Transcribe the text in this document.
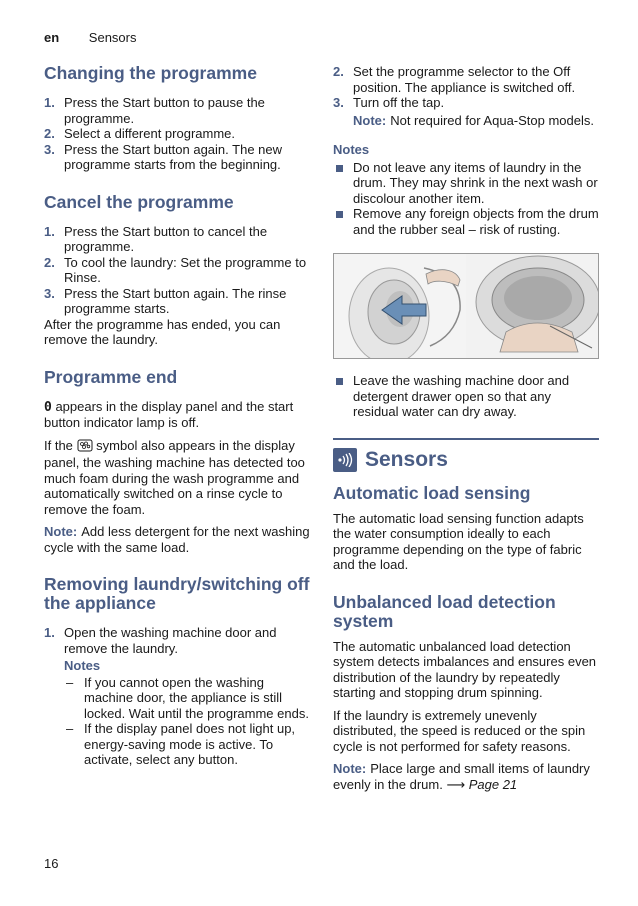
en Sensors
Changing the programme
1. Press the Start button to pause the programme.
2. Select a different programme.
3. Press the Start button again. The new programme starts from the beginning.
Cancel the programme
1. Press the Start button to cancel the programme.
2. To cool the laundry: Set the programme to Rinse.
3. Press the Start button again. The rinse programme starts.

After the programme has ended, you can remove the laundry.

Programme end

0 appears in the display panel and the start button indicator lamp is off.

If the symbol also appears in the display panel, the washing machine has detected too much foam during the wash programme and automatically switched on a rinse cycle to remove the foam.

Note: Add less detergent for the next washing cycle with the same load.

Removing laundry/switching off the appliance
1. Open the washing machine door and remove the laundry.
Notes
– If you cannot open the washing machine door, the appliance is still locked. Wait until the programme ends.
– If the display panel does not light up, energy-saving mode is active. To activate, select any button.
2. Set the programme selector to the Off position. The appliance is switched off.
3. Turn off the tap.
Note: Not required for Aqua-Stop models.
Notes
Do not leave any items of laundry in the drum. They may shrink in the next wash or discolour another item.
Remove any foreign objects from the drum and the rubber seal – risk of rusting.
Leave the washing machine door and detergent drawer open so that any residual water can dry away.
Sensors
Automatic load sensing

The automatic load sensing function adapts the water consumption ideally to each programme depending on the type of fabric and the load.

Unbalanced load detection system

The automatic unbalanced load detection system detects imbalances and ensures even distribution of the laundry by repeatedly starting and stopping drum spinning.

If the laundry is extremely unevenly distributed, the speed is reduced or the spin cycle is not performed for safety reasons.

Note: Place large and small items of laundry evenly in the drum. ⟶ Page 21

16
